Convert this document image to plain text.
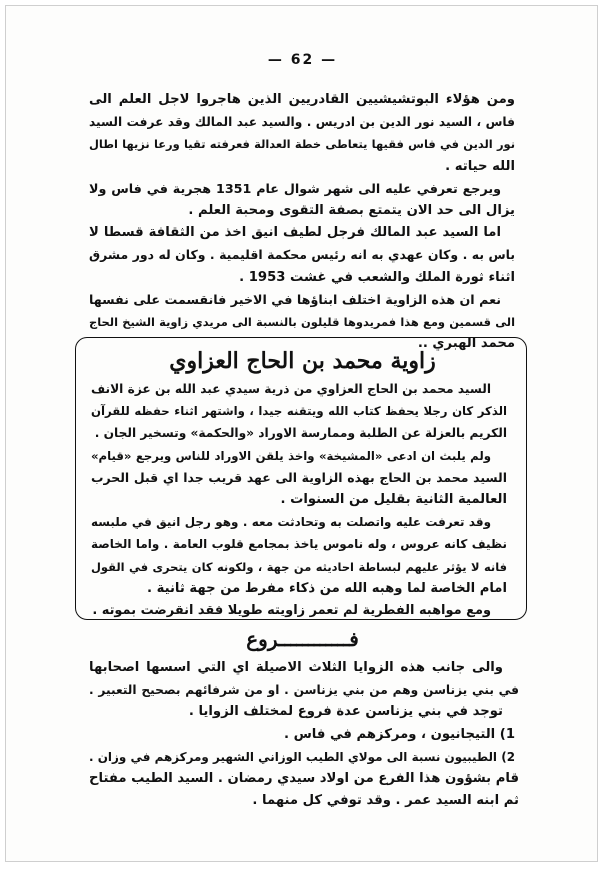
— 62 —
ومن هؤلاء البوتشيشيين القادريين الذين هاجروا لاجل العلم الى
فاس ، السيد نور الدين بن ادريس . والسيد عبد المالك وقد عرفت السيد
نور الدين في فاس فقيها يتعاطى خطة العدالة فعرفته تقيا ورعا نزيها اطال
الله حياته .
ويرجع تعرفي عليه الى شهر شوال عام 1351 هجرية في فاس ولا
يزال الى حد الان يتمتع بصفة التقوى ومحبة العلم .
اما السيد عبد المالك فرجل لطيف انيق اخذ من الثقافة قسطا لا
باس به . وكان عهدي به انه رئيس محكمة اقليمية . وكان له دور مشرق
اثناء ثورة الملك والشعب في غشت 1953 .
نعم ان هذه الزاوية اختلف ابناؤها في الاخير فانقسمت على نفسها
الى قسمين ومع هذا فمريدوها قليلون بالنسبة الى مريدي زاوية الشيخ الحاج
محمد الهبري ..
زاوية محمد بن الحاج العزاوي
السيد محمد بن الحاج العزاوي من ذرية سيدي عبد الله بن عزة الانف
الذكر كان رجلا يحفظ كتاب الله ويتقنه جيدا ، واشتهر اثناء حفظه للقرآن
الكريم بالعزلة عن الطلبة وممارسة الاوراد «والحكمة» وتسخير الجان .
ولم يلبث ان ادعى «المشيخة» واخذ يلقن الاوراد للناس ويرجع «قيام»
السيد محمد بن الحاج بهذه الزاوية الى عهد قريب جدا اي قبل الحرب
العالمية الثانية بقليل من السنوات .
وقد تعرفت عليه واتصلت به وتحادثت معه . وهو رجل انيق في ملبسه
نظيف كانه عروس ، وله ناموس ياخذ بمجامع قلوب العامة . واما الخاصة
فانه لا يؤثر عليهم لبساطة احاديثه من جهة ، ولكونه كان يتحرى في القول
امام الخاصة لما وهبه الله من ذكاء مفرط من جهة ثانية .
ومع مواهبه الفطرية لم تعمر زاويته طويلا فقد انقرضت بموته .
فــــــــــــروع
والى جانب هذه الزوايا الثلاث الاصيلة اي التي اسسها اصحابها
في بني يزناسن وهم من بني يزناسن . او من شرفائهم بصحيح التعبير .
توجد في بني يزناسن عدة فروع لمختلف الزوايا .
1) التيجانيون ، ومركزهم في فاس .
2) الطيبيون نسبة الى مولاي الطيب الوزاني الشهير ومركزهم في وزان .
قام بشؤون هذا الفرع من اولاد سيدي رمضان . السيد الطيب مفتاح
ثم ابنه السيد عمر . وقد توفي كل منهما .
